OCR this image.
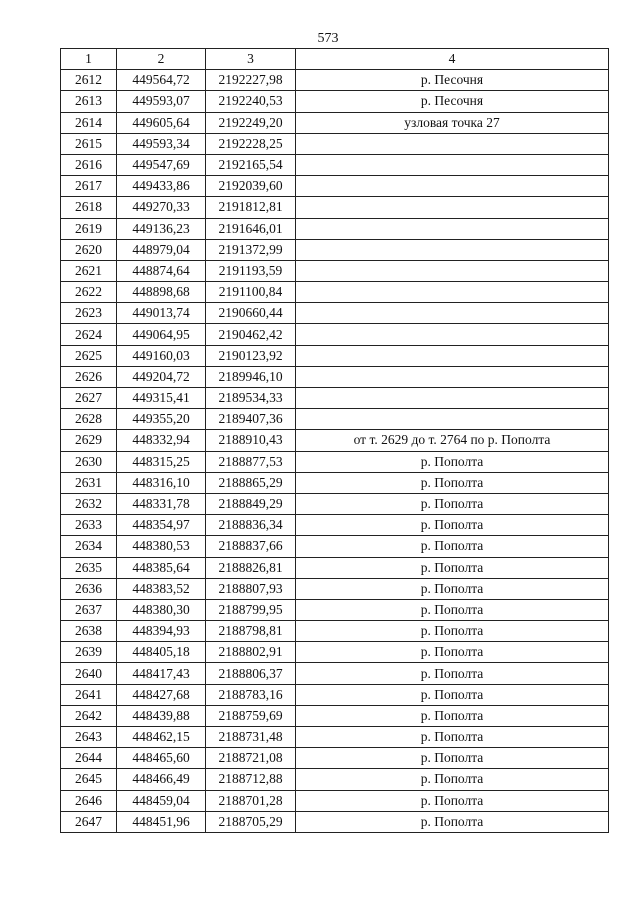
573
1	2	3	4
2612	449564,72	2192227,98	р. Песочня
2613	449593,07	2192240,53	р. Песочня
2614	449605,64	2192249,20	узловая точка 27
2615	449593,34	2192228,25	
2616	449547,69	2192165,54	
2617	449433,86	2192039,60	
2618	449270,33	2191812,81	
2619	449136,23	2191646,01	
2620	448979,04	2191372,99	
2621	448874,64	2191193,59	
2622	448898,68	2191100,84	
2623	449013,74	2190660,44	
2624	449064,95	2190462,42	
2625	449160,03	2190123,92	
2626	449204,72	2189946,10	
2627	449315,41	2189534,33	
2628	449355,20	2189407,36	
2629	448332,94	2188910,43	от т. 2629 до т. 2764 по р. Пополта
2630	448315,25	2188877,53	р. Пополта
2631	448316,10	2188865,29	р. Пополта
2632	448331,78	2188849,29	р. Пополта
2633	448354,97	2188836,34	р. Пополта
2634	448380,53	2188837,66	р. Пополта
2635	448385,64	2188826,81	р. Пополта
2636	448383,52	2188807,93	р. Пополта
2637	448380,30	2188799,95	р. Пополта
2638	448394,93	2188798,81	р. Пополта
2639	448405,18	2188802,91	р. Пополта
2640	448417,43	2188806,37	р. Пополта
2641	448427,68	2188783,16	р. Пополта
2642	448439,88	2188759,69	р. Пополта
2643	448462,15	2188731,48	р. Пополта
2644	448465,60	2188721,08	р. Пополта
2645	448466,49	2188712,88	р. Пополта
2646	448459,04	2188701,28	р. Пополта
2647	448451,96	2188705,29	р. Пополта
